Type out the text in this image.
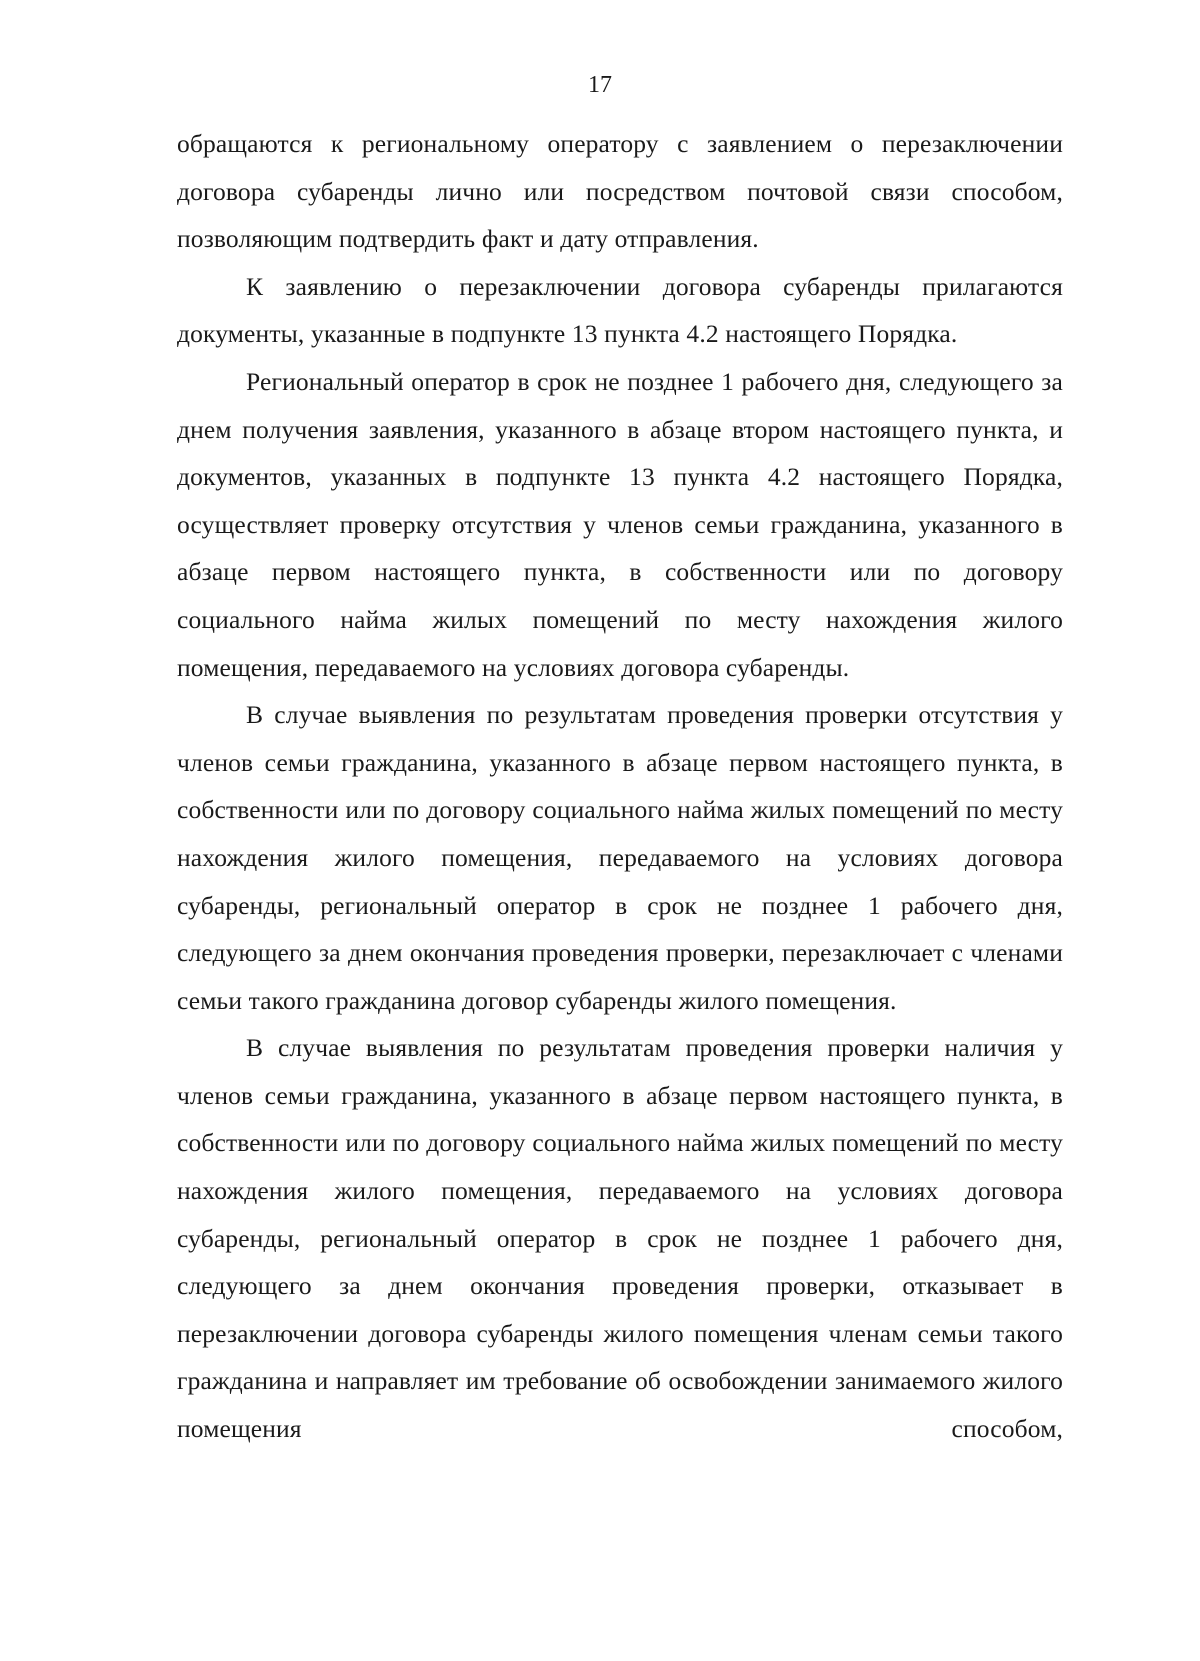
17

обращаются к региональному оператору с заявлением о перезаключении договора субаренды лично или посредством почтовой связи способом, позволяющим подтвердить факт и дату отправления.

К заявлению о перезаключении договора субаренды прилагаются документы, указанные в подпункте 13 пункта 4.2 настоящего Порядка.

Региональный оператор в срок не позднее 1 рабочего дня, следующего за днем получения заявления, указанного в абзаце втором настоящего пункта, и документов, указанных в подпункте 13 пункта 4.2 настоящего Порядка, осуществляет проверку отсутствия у членов семьи гражданина, указанного в абзаце первом настоящего пункта, в собственности или по договору социального найма жилых помещений по месту нахождения жилого помещения, передаваемого на условиях договора субаренды.

В случае выявления по результатам проведения проверки отсутствия у членов семьи гражданина, указанного в абзаце первом настоящего пункта, в собственности или по договору социального найма жилых помещений по месту нахождения жилого помещения, передаваемого на условиях договора субаренды, региональный оператор в срок не позднее 1 рабочего дня, следующего за днем окончания проведения проверки, перезаключает с членами семьи такого гражданина договор субаренды жилого помещения.

В случае выявления по результатам проведения проверки наличия у членов семьи гражданина, указанного в абзаце первом настоящего пункта, в собственности или по договору социального найма жилых помещений по месту нахождения жилого помещения, передаваемого на условиях договора субаренды, региональный оператор в срок не позднее 1 рабочего дня, следующего за днем окончания проведения проверки, отказывает в перезаключении договора субаренды жилого помещения членам семьи такого гражданина и направляет им требование об освобождении занимаемого жилого помещения способом,
